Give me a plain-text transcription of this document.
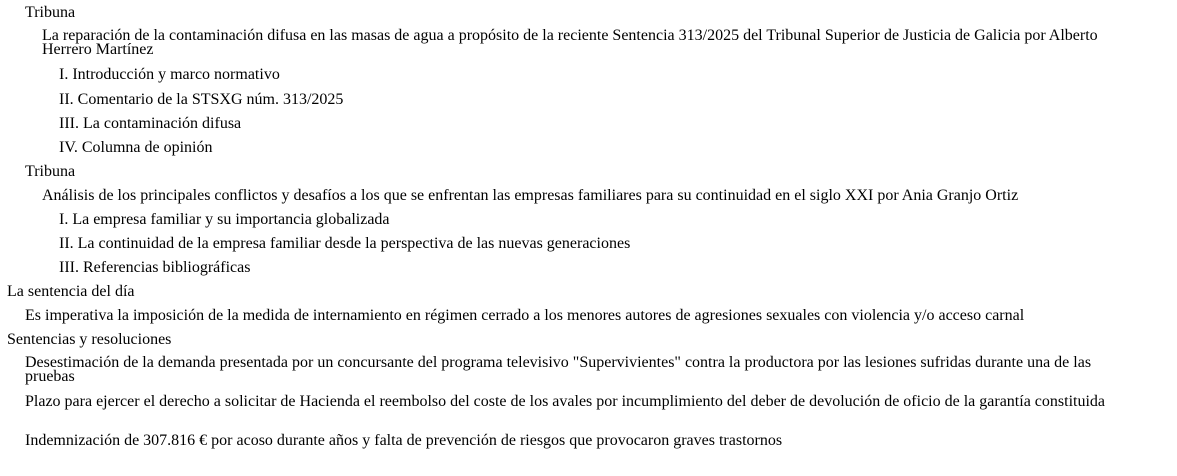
Tribuna
La reparación de la contaminación difusa en las masas de agua a propósito de la reciente Sentencia 313/2025 del Tribunal Superior de Justicia de Galicia por Alberto Herrero Martínez
I. Introducción y marco normativo
II. Comentario de la STSXG núm. 313/2025
III. La contaminación difusa
IV. Columna de opinión
Tribuna
Análisis de los principales conflictos y desafíos a los que se enfrentan las empresas familiares para su continuidad en el siglo XXI por Ania Granjo Ortiz
I. La empresa familiar y su importancia globalizada
II. La continuidad de la empresa familiar desde la perspectiva de las nuevas generaciones
III. Referencias bibliográficas
La sentencia del día
Es imperativa la imposición de la medida de internamiento en régimen cerrado a los menores autores de agresiones sexuales con violencia y/o acceso carnal
Sentencias y resoluciones
Desestimación de la demanda presentada por un concursante del programa televisivo "Supervivientes" contra la productora por las lesiones sufridas durante una de las pruebas
Plazo para ejercer el derecho a solicitar de Hacienda el reembolso del coste de los avales por incumplimiento del deber de devolución de oficio de la garantía constituida
Indemnización de 307.816 € por acoso durante años y falta de prevención de riesgos que provocaron graves trastornos
